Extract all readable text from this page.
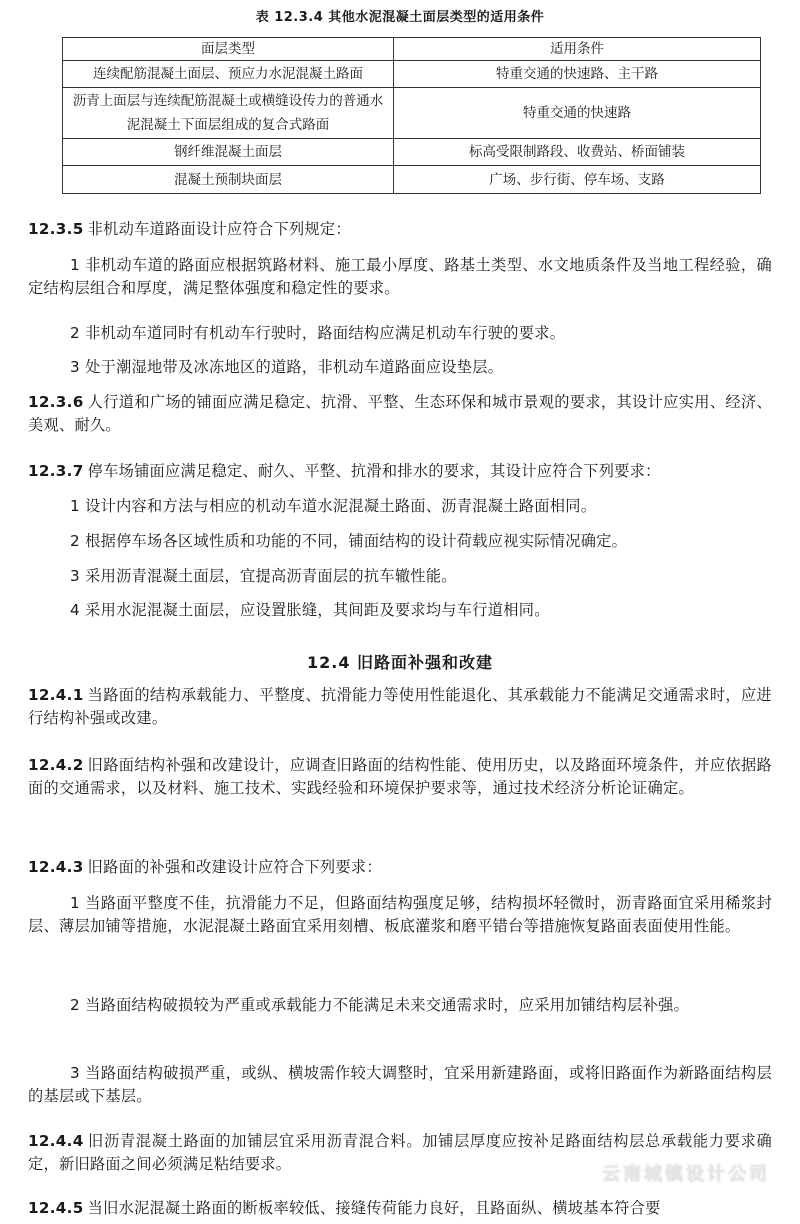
表 12.3.4 其他水泥混凝土面层类型的适用条件
面层类型	适用条件
连续配筋混凝土面层、预应力水泥混凝土路面	特重交通的快速路、主干路
沥青上面层与连续配筋混凝土或横缝设传力的普通水泥混凝土下面层组成的复合式路面	特重交通的快速路
钢纤维混凝土面层	标高受限制路段、收费站、桥面铺装
混凝土预制块面层	广场、步行街、停车场、支路

12.3.5 非机动车道路面设计应符合下列规定：

1 非机动车道的路面应根据筑路材料、施工最小厚度、路基土类型、水文地质条件及当地工程经验，确定结构层组合和厚度，满足整体强度和稳定性的要求。

2 非机动车道同时有机动车行驶时，路面结构应满足机动车行驶的要求。

3 处于潮湿地带及冰冻地区的道路，非机动车道路面应设垫层。

12.3.6 人行道和广场的铺面应满足稳定、抗滑、平整、生态环保和城市景观的要求，其设计应实用、经济、美观、耐久。

12.3.7 停车场铺面应满足稳定、耐久、平整、抗滑和排水的要求，其设计应符合下列要求：

1 设计内容和方法与相应的机动车道水泥混凝土路面、沥青混凝土路面相同。

2 根据停车场各区域性质和功能的不同，铺面结构的设计荷载应视实际情况确定。

3 采用沥青混凝土面层，宜提高沥青面层的抗车辙性能。

4 采用水泥混凝土面层，应设置胀缝，其间距及要求均与车行道相同。

12.4 旧路面补强和改建

12.4.1 当路面的结构承载能力、平整度、抗滑能力等使用性能退化、其承载能力不能满足交通需求时，应进行结构补强或改建。

12.4.2 旧路面结构补强和改建设计，应调查旧路面的结构性能、使用历史，以及路面环境条件，并应依据路面的交通需求，以及材料、施工技术、实践经验和环境保护要求等，通过技术经济分析论证确定。

12.4.3 旧路面的补强和改建设计应符合下列要求：

1 当路面平整度不佳，抗滑能力不足，但路面结构强度足够，结构损坏轻微时，沥青路面宜采用稀浆封层、薄层加铺等措施，水泥混凝土路面宜采用刻槽、板底灌浆和磨平错台等措施恢复路面表面使用性能。

2 当路面结构破损较为严重或承载能力不能满足未来交通需求时，应采用加铺结构层补强。

3 当路面结构破损严重，或纵、横坡需作较大调整时，宜采用新建路面，或将旧路面作为新路面结构层的基层或下基层。

12.4.4 旧沥青混凝土路面的加铺层宜采用沥青混合料。加铺层厚度应按补足路面结构层总承载能力要求确定，新旧路面之间必须满足粘结要求。

12.4.5 当旧水泥混凝土路面的断板率较低、接缝传荷能力良好，且路面纵、横坡基本符合要

云南城镇设计公司
